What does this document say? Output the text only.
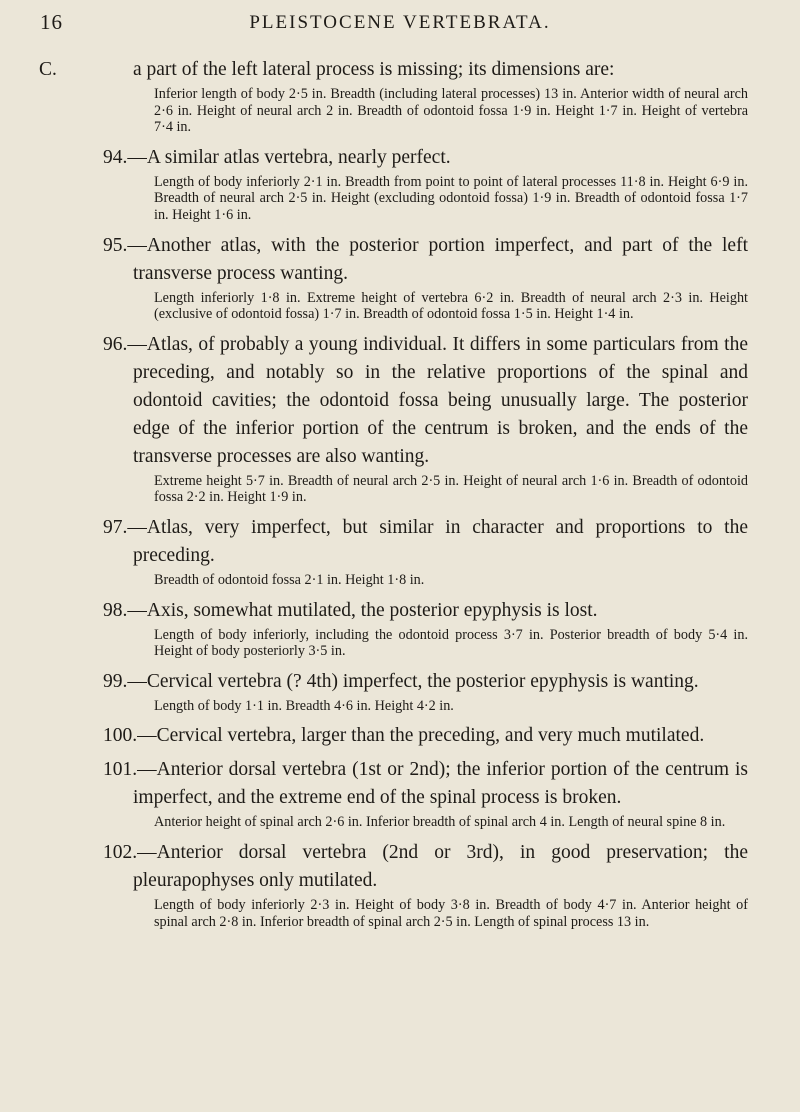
16	PLEISTOCENE VERTEBRATA.
C.	a part of the left lateral process is missing; its dimensions are:
Inferior length of body 2·5 in. Breadth (including lateral processes) 13 in. Anterior width of neural arch 2·6 in. Height of neural arch 2 in. Breadth of odontoid fossa 1·9 in. Height 1·7 in. Height of vertebra 7·4 in.
94.—A similar atlas vertebra, nearly perfect.
Length of body inferiorly 2·1 in. Breadth from point to point of lateral processes 11·8 in. Height 6·9 in. Breadth of neural arch 2·5 in. Height (excluding odontoid fossa) 1·9 in. Breadth of odontoid fossa 1·7 in. Height 1·6 in.
95.—Another atlas, with the posterior portion imperfect, and part of the left transverse process wanting.
Length inferiorly 1·8 in. Extreme height of vertebra 6·2 in. Breadth of neural arch 2·3 in. Height (exclusive of odontoid fossa) 1·7 in. Breadth of odontoid fossa 1·5 in. Height 1·4 in.
96.—Atlas, of probably a young individual. It differs in some particulars from the preceding, and notably so in the relative proportions of the spinal and odontoid cavities; the odontoid fossa being unusually large. The posterior edge of the inferior portion of the centrum is broken, and the ends of the transverse processes are also wanting.
Extreme height 5·7 in. Breadth of neural arch 2·5 in. Height of neural arch 1·6 in. Breadth of odontoid fossa 2·2 in. Height 1·9 in.
97.—Atlas, very imperfect, but similar in character and proportions to the preceding.
Breadth of odontoid fossa 2·1 in. Height 1·8 in.
98.—Axis, somewhat mutilated, the posterior epyphysis is lost.
Length of body inferiorly, including the odontoid process 3·7 in. Posterior breadth of body 5·4 in. Height of body posteriorly 3·5 in.
99.—Cervical vertebra (? 4th) imperfect, the posterior epyphysis is wanting.
Length of body 1·1 in. Breadth 4·6 in. Height 4·2 in.
100.—Cervical vertebra, larger than the preceding, and very much mutilated.
101.—Anterior dorsal vertebra (1st or 2nd); the inferior portion of the centrum is imperfect, and the extreme end of the spinal process is broken.
Anterior height of spinal arch 2·6 in. Inferior breadth of spinal arch 4 in. Length of neural spine 8 in.
102.—Anterior dorsal vertebra (2nd or 3rd), in good preservation; the pleurapophyses only mutilated.
Length of body inferiorly 2·3 in. Height of body 3·8 in. Breadth of body 4·7 in. Anterior height of spinal arch 2·8 in. Inferior breadth of spinal arch 2·5 in. Length of spinal process 13 in.
